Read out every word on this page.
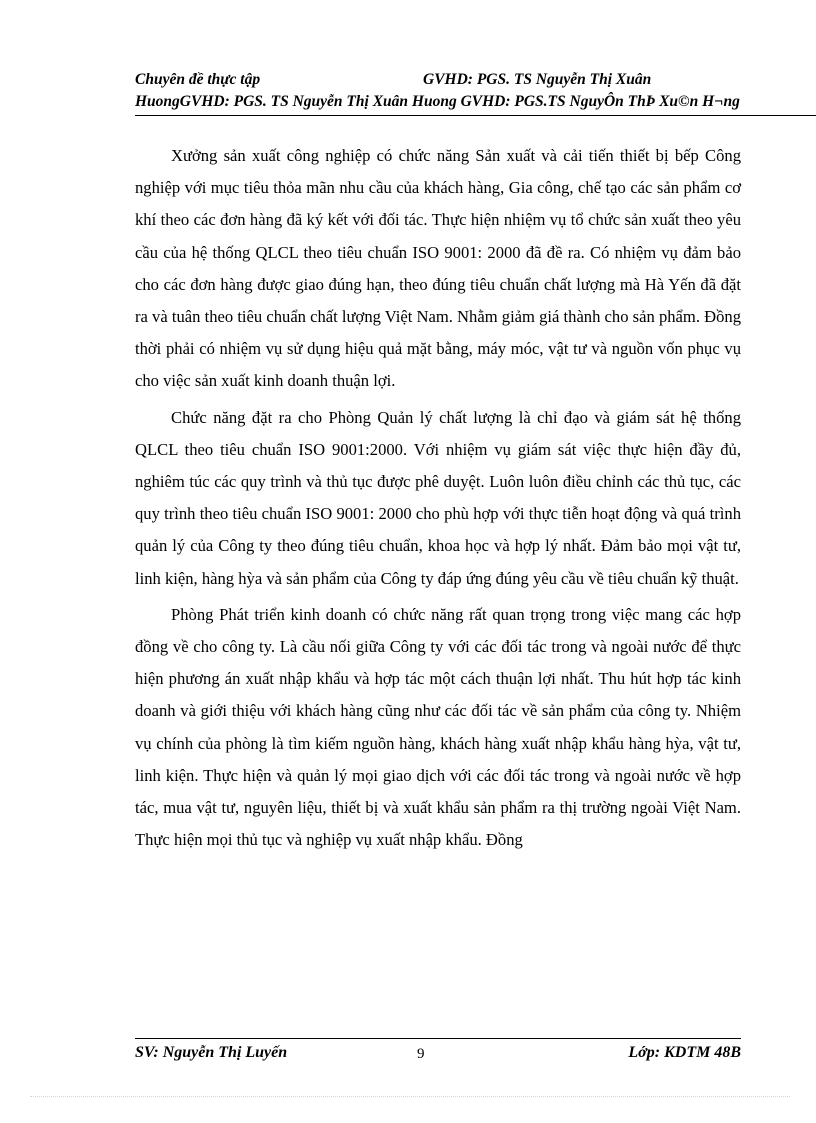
Chuyên đề thực tập	GVHD: PGS. TS Nguyễn Thị Xuân
HuongGVHD: PGS. TS Nguyễn Thị Xuân Huong GVHD: PGS.TS NguyÔn ThÞ Xu©n H¬ng

Xưởng sản xuất công nghiệp có chức năng Sản xuất và cải tiến thiết bị bếp Công nghiệp với mục tiêu thỏa mãn nhu cầu của khách hàng, Gia công, chế tạo các sản phẩm cơ khí theo các đơn hàng đã ký kết với đối tác. Thực hiện nhiệm vụ tổ chức sản xuất theo yêu cầu của hệ thống QLCL theo tiêu chuẩn ISO 9001: 2000 đã đề ra. Có nhiệm vụ đảm bảo cho các đơn hàng được giao đúng hạn, theo đúng tiêu chuẩn chất lượng mà Hà Yến đã đặt ra và tuân theo tiêu chuẩn chất lượng Việt Nam. Nhằm giảm giá thành cho sản phẩm. Đồng thời phải có nhiệm vụ sử dụng hiệu quả mặt bằng, máy móc, vật tư và nguồn vốn phục vụ cho việc sản xuất kinh doanh thuận lợi.

Chức năng đặt ra cho Phòng Quản lý chất lượng là chỉ đạo và giám sát hệ thống QLCL theo tiêu chuẩn ISO 9001:2000. Với nhiệm vụ giám sát việc thực hiện đầy đủ, nghiêm túc các quy trình và thủ tục được phê duyệt. Luôn luôn điều chỉnh các thủ tục, các quy trình theo tiêu chuẩn ISO 9001: 2000 cho phù hợp với thực tiễn hoạt động và quá trình quản lý của Công ty theo đúng tiêu chuẩn, khoa học và hợp lý nhất. Đảm bảo mọi vật tư, linh kiện, hàng hỳa và sản phẩm của Công ty đáp ứng đúng yêu cầu về tiêu chuẩn kỹ thuật.

Phòng Phát triển kinh doanh có chức năng rất quan trọng trong việc mang các hợp đồng về cho công ty. Là cầu nối giữa Công ty với các đối tác trong và ngoài nước để thực hiện phương án xuất nhập khẩu và hợp tác một cách thuận lợi nhất. Thu hút hợp tác kinh doanh và giới thiệu với khách hàng cũng như các đối tác về sản phẩm của công ty. Nhiệm vụ chính của phòng là tìm kiếm nguồn hàng, khách hàng xuất nhập khẩu hàng hỳa, vật tư, linh kiện. Thực hiện và quản lý mọi giao dịch với các đối tác trong và ngoài nước về hợp tác, mua vật tư, nguyên liệu, thiết bị và xuất khẩu sản phẩm ra thị trường ngoài Việt Nam. Thực hiện mọi thủ tục và nghiệp vụ xuất nhập khẩu. Đồng

SV: Nguyễn Thị Luyến	9	Lớp: KDTM 48B
